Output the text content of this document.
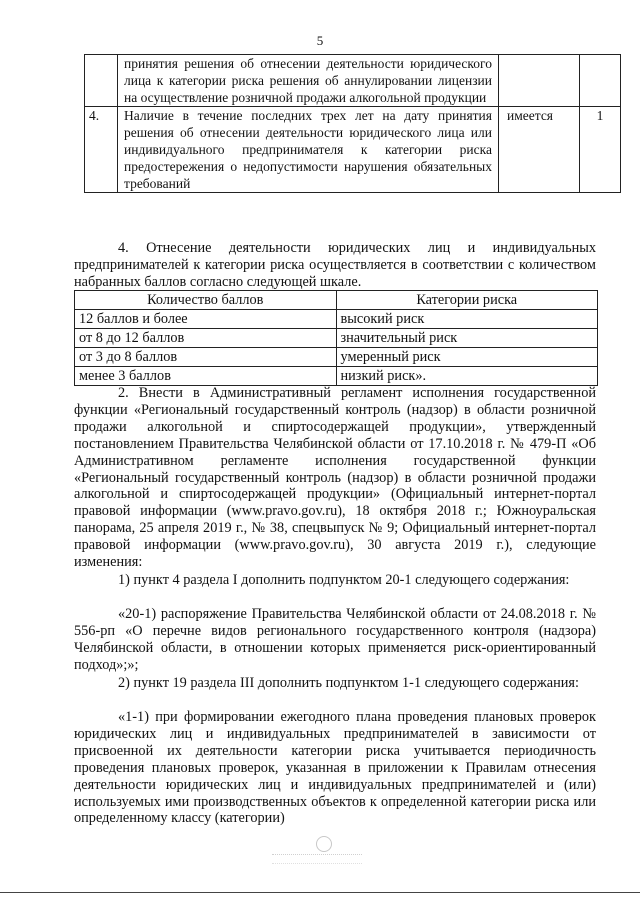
5
	принятия решения об отнесении деятельности юридического лица к категории риска решения об аннулировании лицензии на осуществление розничной продажи алкогольной продукции		
4.	Наличие в течение последних трех лет на дату принятия решения об отнесении деятельности юридического лица или индивидуального предпринимателя к категории риска предостережения о недопустимости нарушения обязательных требований	имеется	1

4. Отнесение деятельности юридических лиц и индивидуальных предпринимателей к категории риска осуществляется в соответствии с количеством набранных баллов согласно следующей шкале.

Количество баллов	Категории риска
12 баллов и более	высокий риск
от 8 до 12 баллов	значительный риск
от 3 до 8 баллов	умеренный риск
менее 3 баллов	низкий риск».

2. Внести в Административный регламент исполнения государственной функции «Региональный государственный контроль (надзор) в области розничной продажи алкогольной и спиртосодержащей продукции», утвержденный постановлением Правительства Челябинской области от 17.10.2018 г. № 479-П «Об Административном регламенте исполнения государственной функции «Региональный государственный контроль (надзор) в области розничной продажи алкогольной и спиртосодержащей продукции» (Официальный интернет-портал правовой информации (www.pravo.gov.ru), 18 октября 2018 г.; Южноуральская панорама, 25 апреля 2019 г., № 38, спецвыпуск № 9; Официальный интернет-портал правовой информации (www.pravo.gov.ru), 30 августа 2019 г.), следующие изменения:

1) пункт 4 раздела I дополнить подпунктом 20-1 следующего содержания:

«20-1) распоряжение Правительства Челябинской области от 24.08.2018 г. № 556-рп «О перечне видов регионального государственного контроля (надзора) Челябинской области, в отношении которых применяется риск-ориентированный подход»;»;

2) пункт 19 раздела III дополнить подпунктом 1-1 следующего содержания:

«1-1) при формировании ежегодного плана проведения плановых проверок юридических лиц и индивидуальных предпринимателей в зависимости от присвоенной их деятельности категории риска учитывается периодичность проведения плановых проверок, указанная в приложении к Правилам отнесения деятельности юридических лиц и индивидуальных предпринимателей и (или) используемых ими производственных объектов к определенной категории риска или определенному классу (категории)
